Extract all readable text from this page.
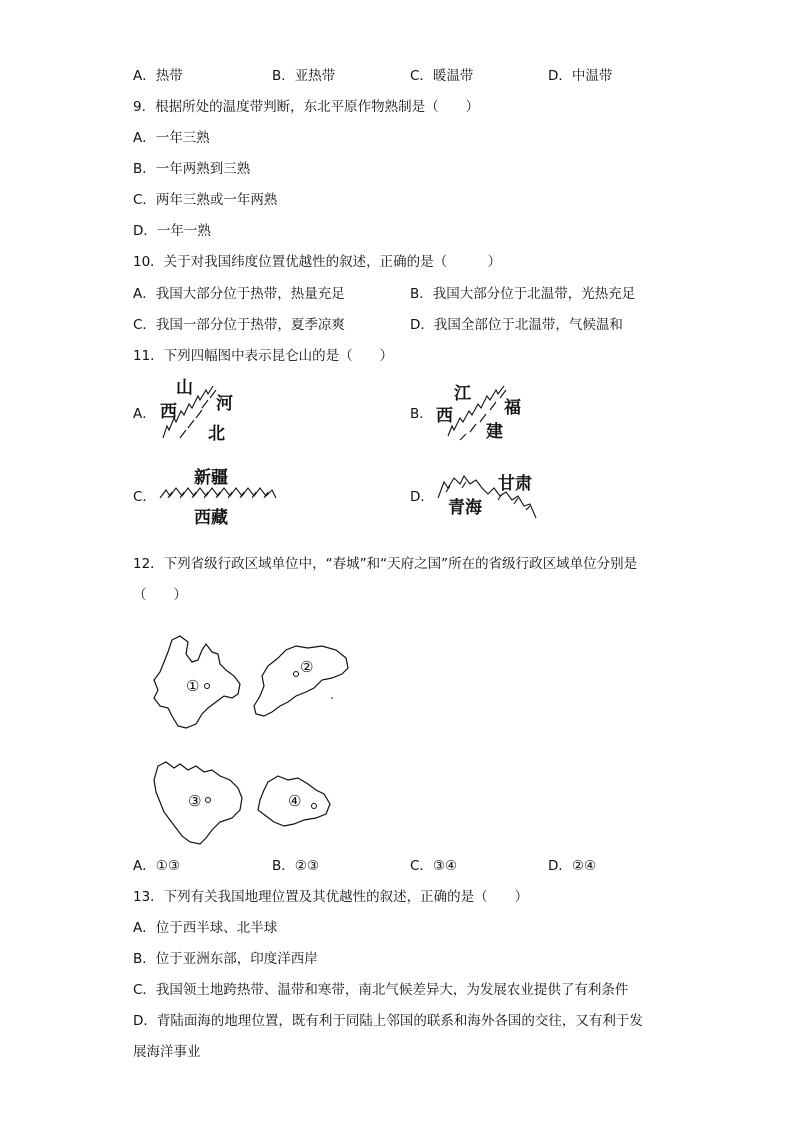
A．热带	B．亚热带	C．暖温带	D．中温带
9．根据所处的温度带判断，东北平原作物熟制是（　　）
A．一年三熟
B．一年两熟到三熟
C．两年三熟或一年两熟
D．一年一熟
10．关于对我国纬度位置优越性的叙述，正确的是（　　　）
A．我国大部分位于热带，热量充足	B．我国大部分位于北温带，光热充足
C．我国一部分位于热带，夏季凉爽	D．我国全部位于北温带，气候温和
11．下列四幅图中表示昆仑山的是（　　）
A．
山
河
西
北
B．
江
福
西
建
C．
新疆
西藏
D．
甘肃
青海
12．下列省级行政区域单位中，“春城”和“天府之国”所在的省级行政区域单位分别是
（　　）
①
②
③	④
A．①③	B．②③	C．③④	D．②④
13．下列有关我国地理位置及其优越性的叙述，正确的是（　　）
A．位于西半球、北半球
B．位于亚洲东部，印度洋西岸
C．我国领土地跨热带、温带和寒带，南北气候差异大，为发展农业提供了有利条件
D．背陆面海的地理位置，既有利于同陆上邻国的联系和海外各国的交往，又有利于发
展海洋事业
